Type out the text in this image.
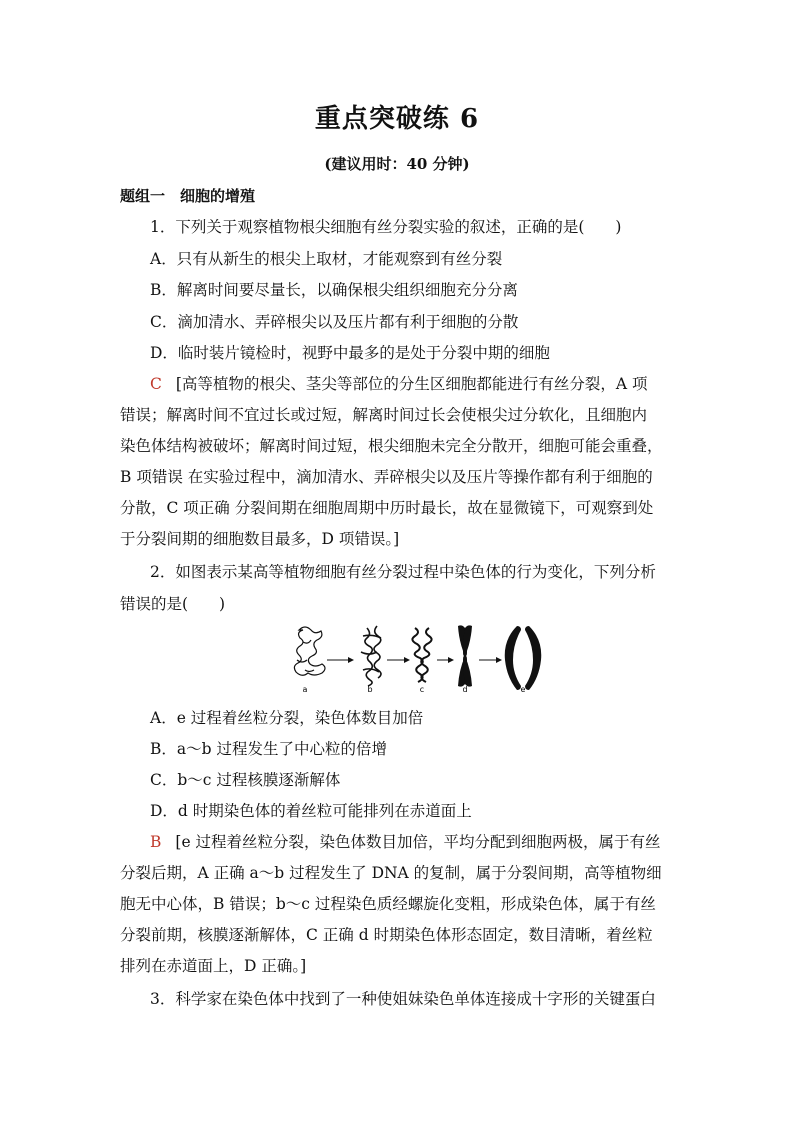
重点突破练 6
(建议用时：40 分钟)
题组一　细胞的增殖
1．下列关于观察植物根尖细胞有丝分裂实验的叙述，正确的是(　　)
A．只有从新生的根尖上取材，才能观察到有丝分裂
B．解离时间要尽量长，以确保根尖组织细胞充分分离
C．滴加清水、弄碎根尖以及压片都有利于细胞的分散
D．临时装片镜检时，视野中最多的是处于分裂中期的细胞
C [高等植物的根尖、茎尖等部位的分生区细胞都能进行有丝分裂，A 项
错误；解离时间不宜过长或过短，解离时间过长会使根尖过分软化，且细胞内
染色体结构被破坏；解离时间过短，根尖细胞未完全分散开，细胞可能会重叠，
B 项错误 在实验过程中，滴加清水、弄碎根尖以及压片等操作都有利于细胞的
分散，C 项正确 分裂间期在细胞周期中历时最长，故在显微镜下，可观察到处
于分裂间期的细胞数目最多，D 项错误。]
2．如图表示某高等植物细胞有丝分裂过程中染色体的行为变化，下列分析
错误的是(　　)
a	b	c	d	e
A．e 过程着丝粒分裂，染色体数目加倍
B．a～b 过程发生了中心粒的倍增
C．b～c 过程核膜逐渐解体
D．d 时期染色体的着丝粒可能排列在赤道面上
B [e 过程着丝粒分裂，染色体数目加倍，平均分配到细胞两极，属于有丝
分裂后期，A 正确 a～b 过程发生了 DNA 的复制，属于分裂间期，高等植物细
胞无中心体，B 错误；b～c 过程染色质经螺旋化变粗，形成染色体，属于有丝
分裂前期，核膜逐渐解体，C 正确 d 时期染色体形态固定，数目清晰，着丝粒
排列在赤道面上，D 正确。]
3．科学家在染色体中找到了一种使姐妹染色单体连接成十字形的关键蛋白
